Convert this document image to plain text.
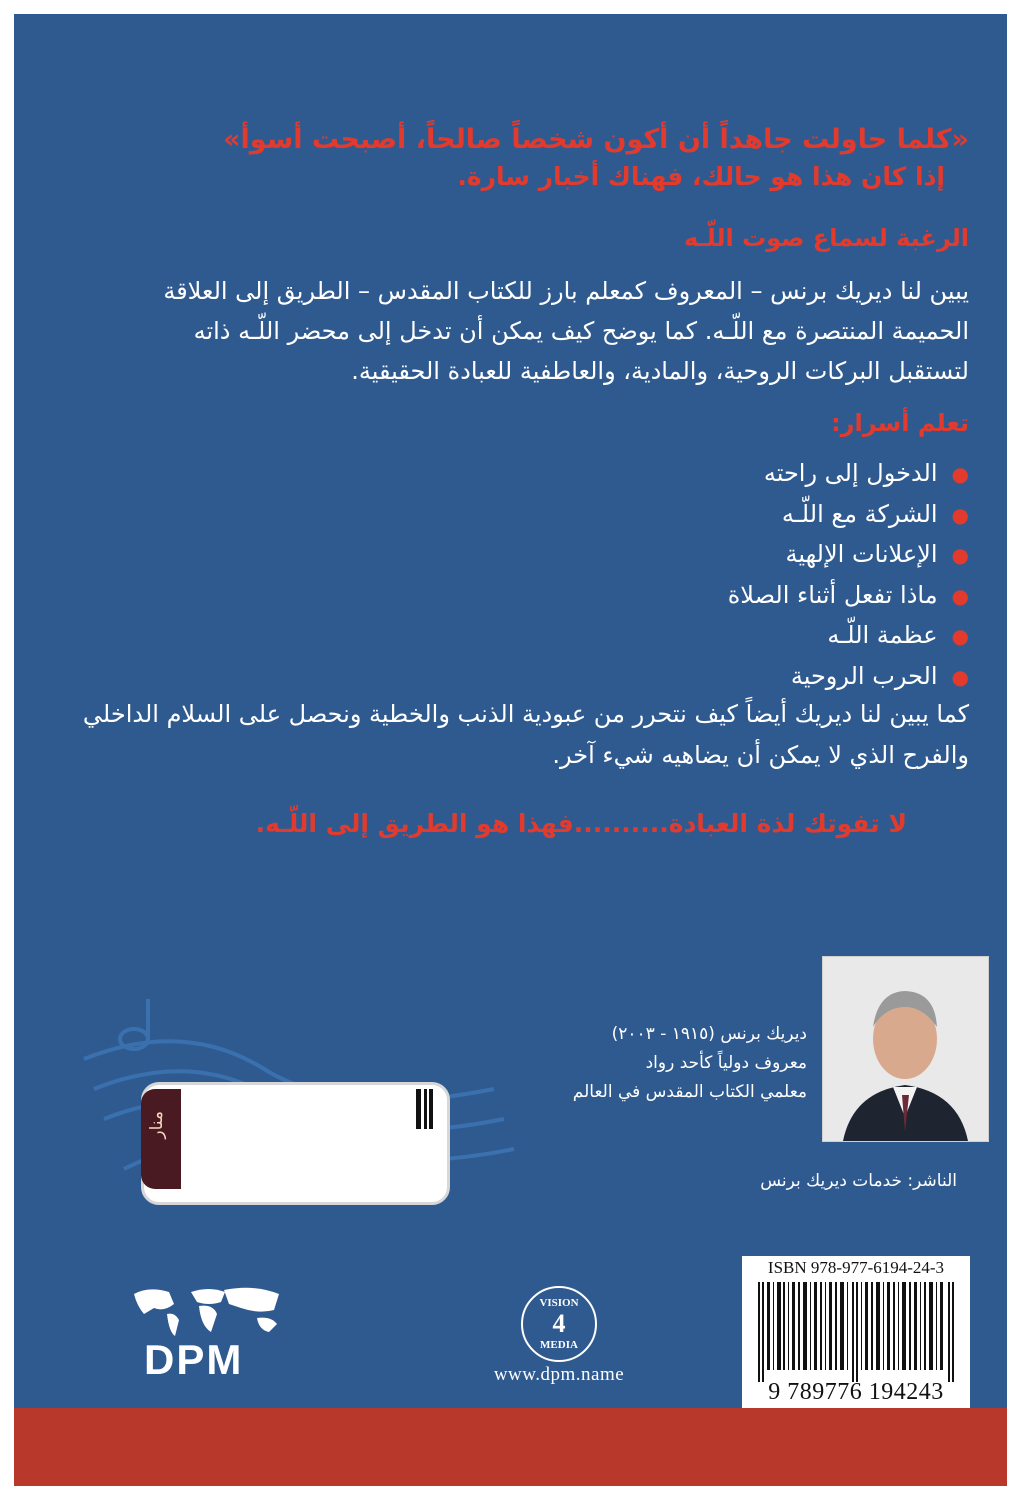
«كلما حاولت جاهداً أن أكون شخصاً صالحاً، أصبحت أسوأ»
إذا كان هذا هو حالك، فهناك أخبار سارة.
الرغبة لسماع صوت اللّـه
يبين لنا ديريك برنس – المعروف كمعلم بارز للكتاب المقدس – الطريق إلى العلاقة الحميمة المنتصرة مع اللّـه. كما يوضح كيف يمكن أن تدخل إلى محضر اللّـه ذاته لتستقبل البركات الروحية، والمادية، والعاطفية للعبادة الحقيقية.
تعلم أسرار:
●الدخول إلى راحته
●الشركة مع اللّـه
●الإعلانات الإلهية
●ماذا تفعل أثناء الصلاة
●عظمة اللّـه
●الحرب الروحية
كما يبين لنا ديريك أيضاً كيف نتحرر من عبودية الذنب والخطية ونحصل على السلام الداخلي والفرح الذي لا يمكن أن يضاهيه شيء آخر.
لا تفوتك لذة العبادة..........فهذا هو الطريق إلى اللّـه.
منار
ديريك برنس (١٩١٥ - ٢٠٠٣)
معروف دولياً كأحد رواد
معلمي الكتاب المقدس في العالم
الناشر: خدمات ديريك برنس
DPM
VISION
4
MEDIA
www.dpm.name
ISBN 978-977-6194-24-3
9 789776 194243
